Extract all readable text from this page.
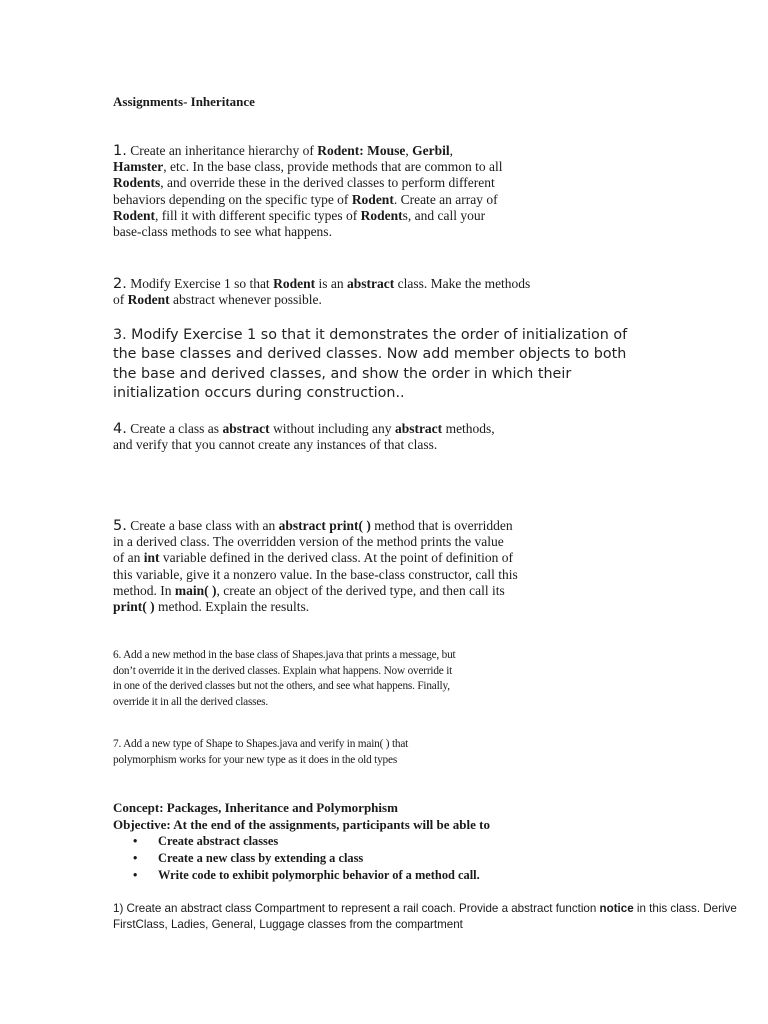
Assignments- Inheritance
1. Create an inheritance hierarchy of Rodent: Mouse, Gerbil,
Hamster, etc. In the base class, provide methods that are common to all Rodents, and override these in the derived classes to perform different behaviors depending on the specific type of Rodent. Create an array of Rodent, fill it with different specific types of Rodents, and call your base-class methods to see what happens.
2. Modify Exercise 1 so that Rodent is an abstract class. Make the methods of Rodent abstract whenever possible.
3. Modify Exercise 1 so that it demonstrates the order of initialization of the base classes and derived classes. Now add member objects to both the base and derived classes, and show the order in which their initialization occurs during construction..
4. Create a class as abstract without including any abstract methods, and verify that you cannot create any instances of that class.
5. Create a base class with an abstract print( ) method that is overridden in a derived class. The overridden version of the method prints the value of an int variable defined in the derived class. At the point of definition of this variable, give it a nonzero value. In the base-class constructor, call this method. In main( ), create an object of the derived type, and then call its print( ) method. Explain the results.
6. Add a new method in the base class of Shapes.java that prints a message, but don’t override it in the derived classes. Explain what happens. Now override it in one of the derived classes but not the others, and see what happens. Finally, override it in all the derived classes.
7. Add a new type of Shape to Shapes.java and verify in main( ) that polymorphism works for your new type as it does in the old types
Concept: Packages, Inheritance and Polymorphism
Objective: At the end of the assignments, participants will be able to
• Create abstract classes
• Create a new class by extending a class
• Write code to exhibit polymorphic behavior of a method call.
1) Create an abstract class Compartment to represent a rail coach. Provide a abstract function notice in this class. Derive FirstClass, Ladies, General, Luggage classes from the compartment
